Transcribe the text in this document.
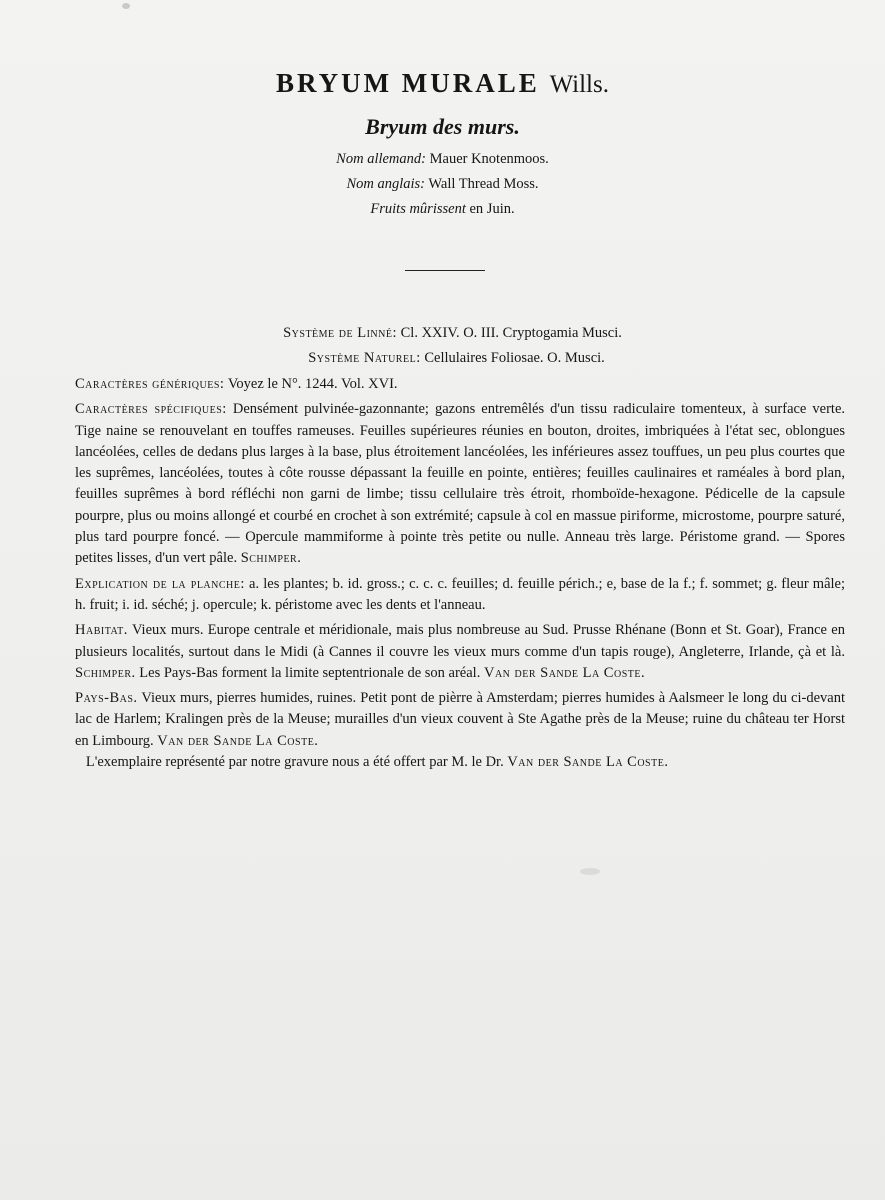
BRYUM MURALE Wills.
Bryum des murs.
Nom allemand: Mauer Knotenmoos.
Nom anglais: Wall Thread Moss.
Fruits mûrissent en Juin.
Système de Linné: Cl. XXIV. O. III. Cryptogamia Musci.
Système Naturel: Cellulaires Foliosae. O. Musci.

Caractères génériques: Voyez le N°. 1244. Vol. XVI.

Caractères spécifiques: Densément pulvinée-gazonnante; gazons entremêlés d'un tissu radiculaire tomenteux, à surface verte. Tige naine se renouvelant en touffes rameuses. Feuilles supérieures réunies en bouton, droites, imbriquées à l'état sec, oblongues lancéolées, celles de dedans plus larges à la base, plus étroitement lancéolées, les inférieures assez touffues, un peu plus courtes que les suprêmes, lancéolées, toutes à côte rousse dépassant la feuille en pointe, entières; feuilles caulinaires et raméales à bord plan, feuilles suprêmes à bord réfléchi non garni de limbe; tissu cellulaire très étroit, rhomboïde-hexagone. Pédicelle de la capsule pourpre, plus ou moins allongé et courbé en crochet à son extrémité; capsule à col en massue piriforme, microstome, pourpre saturé, plus tard pourpre foncé. — Opercule mammiforme à pointe très petite ou nulle. Anneau très large. Péristome grand. — Spores petites lisses, d'un vert pâle. Schimper.

Explication de la planche: a. les plantes; b. id. gross.; c. c. c. feuilles; d. feuille périch.; e, base de la f.; f. sommet; g. fleur mâle; h. fruit; i. id. séché; j. opercule; k. péristome avec les dents et l'anneau.

Habitat. Vieux murs. Europe centrale et méridionale, mais plus nombreuse au Sud. Prusse Rhénane (Bonn et St. Goar), France en plusieurs localités, surtout dans le Midi (à Cannes il couvre les vieux murs comme d'un tapis rouge), Angleterre, Irlande, çà et là. Schimper. Les Pays-Bas forment la limite septentrionale de son aréal. Van der Sande La Coste.

Pays-Bas. Vieux murs, pierres humides, ruines. Petit pont de pièrre à Amsterdam; pierres humides à Aalsmeer le long du ci-devant lac de Harlem; Kralingen près de la Meuse; murailles d'un vieux couvent à Ste Agathe près de la Meuse; ruine du château ter Horst en Limbourg. Van der Sande La Coste.
L'exemplaire représenté par notre gravure nous a été offert par M. le Dr. Van der Sande La Coste.
